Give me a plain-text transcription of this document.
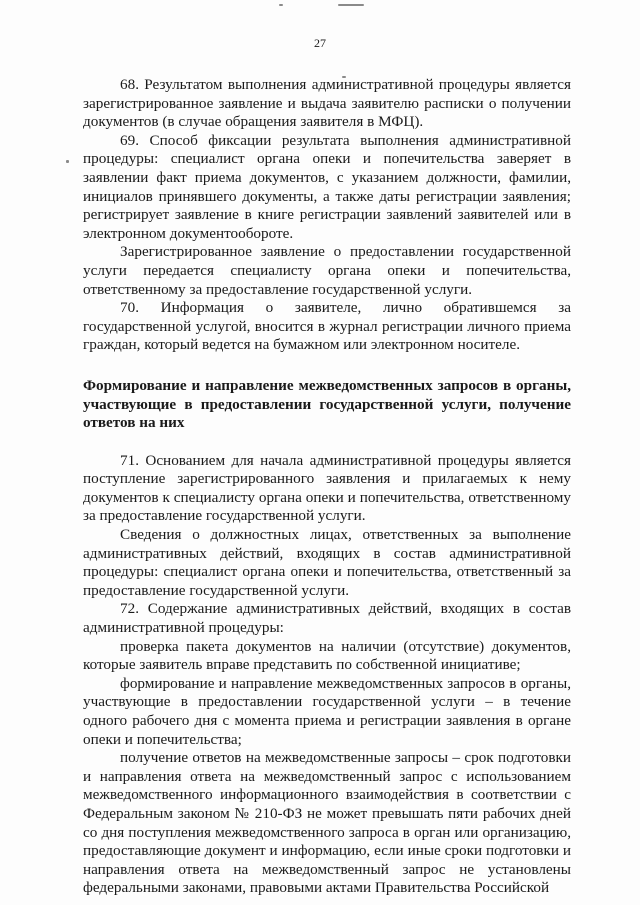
27

68. Результатом выполнения административной процедуры является зарегистрированное заявление и выдача заявителю расписки о получении документов (в случае обращения заявителя в МФЦ).

69. Способ фиксации результата выполнения административной процедуры: специалист органа опеки и попечительства заверяет в заявлении факт приема документов, с указанием должности, фамилии, инициалов принявшего документы, а также даты регистрации заявления; регистрирует заявление в книге регистрации заявлений заявителей или в электронном документообороте.

Зарегистрированное заявление о предоставлении государственной услуги передается специалисту органа опеки и попечительства, ответственному за предоставление государственной услуги.

70. Информация о заявителе, лично обратившемся за государственной услугой, вносится в журнал регистрации личного приема граждан, который ведется на бумажном или электронном носителе.

Формирование и направление межведомственных запросов в органы, участвующие в предоставлении государственной услуги, получение ответов на них

71. Основанием для начала административной процедуры является поступление зарегистрированного заявления и прилагаемых к нему документов к специалисту органа опеки и попечительства, ответственному за предоставление государственной услуги.

Сведения о должностных лицах, ответственных за выполнение административных действий, входящих в состав административной процедуры: специалист органа опеки и попечительства, ответственный за предоставление государственной услуги.

72. Содержание административных действий, входящих в состав административной процедуры:

проверка пакета документов на наличии (отсутствие) документов, которые заявитель вправе представить по собственной инициативе;

формирование и направление межведомственных запросов в органы, участвующие в предоставлении государственной услуги – в течение одного рабочего дня с момента приема и регистрации заявления в органе опеки и попечительства;

получение ответов на межведомственные запросы – срок подготовки и направления ответа на межведомственный запрос с использованием межведомственного информационного взаимодействия в соответствии с Федеральным законом № 210-ФЗ не может превышать пяти рабочих дней со дня поступления межведомственного запроса в орган или организацию, предоставляющие документ и информацию, если иные сроки подготовки и направления ответа на межведомственный запрос не установлены федеральными законами, правовыми актами Правительства Российской
